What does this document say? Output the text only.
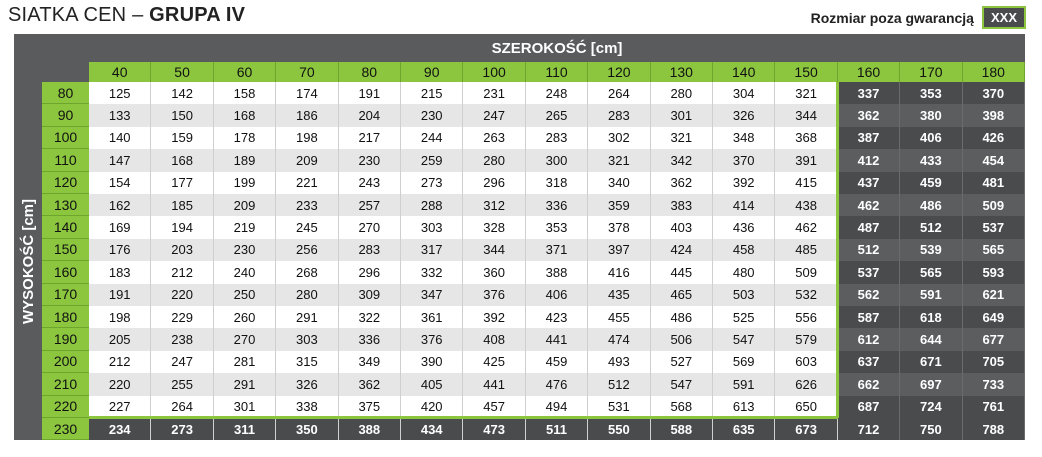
SIATKA CEN – GRUPA IV	Rozmiar poza gwarancją	XXX
SZEROKOŚĆ [cm]
WYSOKOŚĆ [cm]
40	50	60	70	80	90	100	110	120	130	140	150	160	170	180
80	125	142	158	174	191	215	231	248	264	280	304	321	337	353	370
90	133	150	168	186	204	230	247	265	283	301	326	344	362	380	398
100	140	159	178	198	217	244	263	283	302	321	348	368	387	406	426
110	147	168	189	209	230	259	280	300	321	342	370	391	412	433	454
120	154	177	199	221	243	273	296	318	340	362	392	415	437	459	481
130	162	185	209	233	257	288	312	336	359	383	414	438	462	486	509
140	169	194	219	245	270	303	328	353	378	403	436	462	487	512	537
150	176	203	230	256	283	317	344	371	397	424	458	485	512	539	565
160	183	212	240	268	296	332	360	388	416	445	480	509	537	565	593
170	191	220	250	280	309	347	376	406	435	465	503	532	562	591	621
180	198	229	260	291	322	361	392	423	455	486	525	556	587	618	649
190	205	238	270	303	336	376	408	441	474	506	547	579	612	644	677
200	212	247	281	315	349	390	425	459	493	527	569	603	637	671	705
210	220	255	291	326	362	405	441	476	512	547	591	626	662	697	733
220	227	264	301	338	375	420	457	494	531	568	613	650	687	724	761
230	234	273	311	350	388	434	473	511	550	588	635	673	712	750	788
